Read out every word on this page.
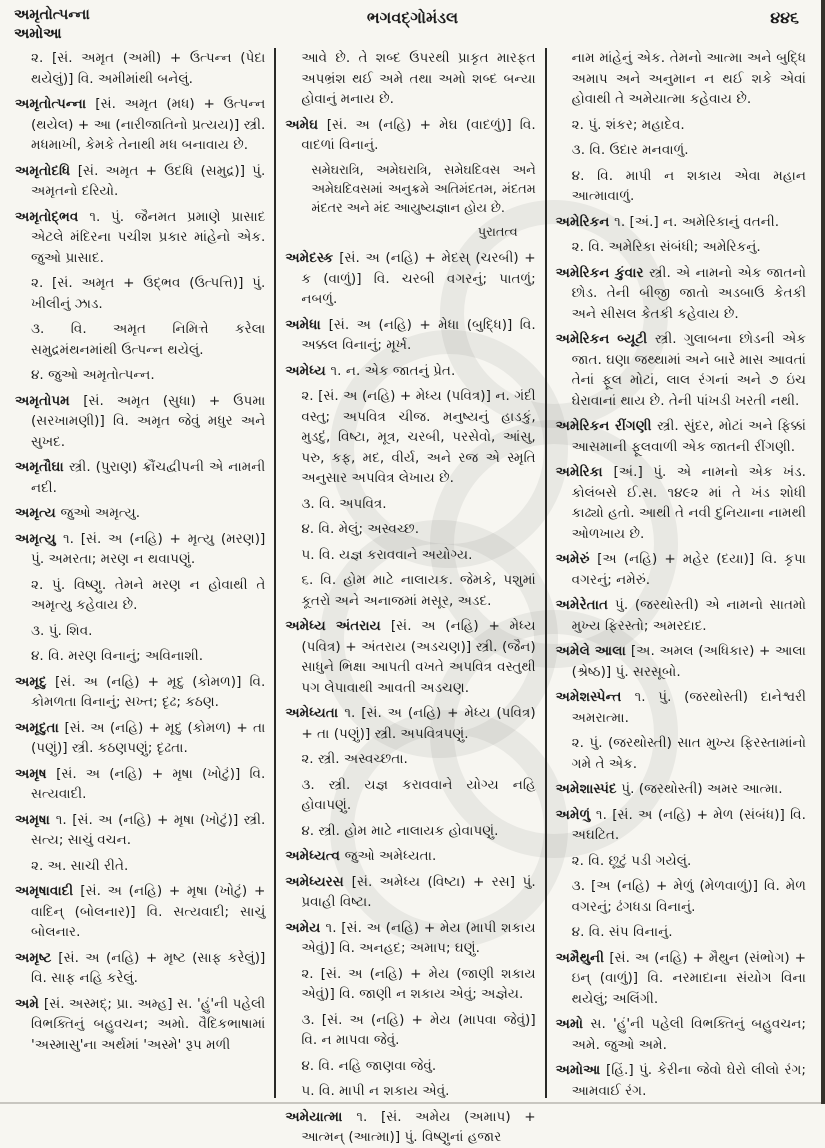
અમૃતોત્પન્ના
અમોઆ
ભગવદ્ગોમંડલ	૪૪૬

૨. [સં. અમૃત (અમી) + ઉત્પન્ન (પેદા થયેલું)] વિ. અમીમાંથી બનેલું.

અમૃતોત્પન્ના [સં. અમૃત (મધ) + ઉત્પન્ન (થયેલ) + આ (નારીજાતિનો પ્રત્યય)] સ્ત્રી. મધમાખી, કેમકે તેનાથી મધ બનાવાય છે.

અમૃતોદધિ [સં. અમૃત + ઉદધિ (સમુદ્ર)] પું. અમૃતનો દરિયો.

અમૃતોદ્ભવ ૧. પું. જૈનમત પ્રમાણે પ્રાસાદ એટલે મંદિરના પચીશ પ્રકાર માંહેનો એક. જુઓ પ્રાસાદ.

૨. [સં. અમૃત + ઉદ્ભવ (ઉત્પત્તિ)] પું. ખીલીનું ઝાડ.

૩. વિ. અમૃત નિમિત્તે કરેલા સમુદ્રમંથનમાંથી ઉત્પન્ન થયેલું.

૪. જુઓ અમૃતોત્પન્ન.

અમૃતોપમ [સં. અમૃત (સુધા) + ઉપમા (સરખામણી)] વિ. અમૃત જેવું મધુર અને સુખદ.

અમૃતૌઘા સ્ત્રી. (પુરાણ) ક્રૌંચદ્વીપની એ નામની નદી.

અમૃત્ય જુઓ અમૃત્યુ.

અમૃત્યુ ૧. [સં. અ (નહિ) + મૃત્યુ (મરણ)] પું. અમરતા; મરણ ન થવાપણું.

૨. પું. વિષ્ણુ. તેમને મરણ ન હોવાથી તે અમૃત્યુ કહેવાય છે.

૩. પું. શિવ.

૪. વિ. મરણ વિનાનું; અવિનાશી.

અમૃદુ [સં. અ (નહિ) + મૃદુ (કોમળ)] વિ. કોમળતા વિનાનું; સખ્ત; દૃઢ; કઠણ.

અમૃદુતા [સં. અ (નહિ) + મૃદુ (કોમળ) + તા (પણું)] સ્ત્રી. કઠણપણું; દૃઢતા.

અમૃષ [સં. અ (નહિ) + મૃષા (ખોટું)] વિ. સત્યવાદી.

અમૃષા ૧. [સં. અ (નહિ) + મૃષા (ખોટું)] સ્ત્રી. સત્ય; સાચું વચન.

૨. અ. સાચી રીતે.

અમૃષાવાદી [સં. અ (નહિ) + મૃષા (ખોટું) + વાદિન્ (બોલનાર)] વિ. સત્યવાદી; સાચું બોલનાર.

અમૃષ્ટ [સં. અ (નહિ) + મૃષ્ટ (સાફ કરેલું)] વિ. સાફ નહિ કરેલું.

અમે [સં. અસ્મદ્; પ્રા. અમ્હ] સ. 'હું'ની પહેલી વિભક્તિનું બહુવચન; અમો. વૈદિકભાષામાં 'અસ્માસુ'ના અર્થમાં 'અસ્મે' રૂપ મળી

આવે છે. તે શબ્દ ઉપરથી પ્રાકૃત મારફત અપભ્રંશ થઈ અમે તથા અમો શબ્દ બન્યા હોવાનું મનાય છે.

અમેઘ [સં. અ (નહિ) + મેઘ (વાદળું)] વિ. વાદળાં વિનાનું.

સમેઘરાત્રિ, અમેઘરાત્રિ, સમેઘદિવસ અને અમેઘદિવસમાં અનુક્રમે અતિમંદતમ, મંદતમ મંદતર અને મંદ આયુષ્યજ્ઞાન હોય છે.

પુરાતત્વ

અમેદસ્ક [સં. અ (નહિ) + મેદસ્ (ચરબી) + ક (વાળું)] વિ. ચરબી વગરનું; પાતળું; નબળું.

અમેધા [સં. અ (નહિ) + મેધા (બુદ્ધિ)] વિ. અક્કલ વિનાનું; મૂર્ખ.

અમેધ્ય ૧. ન. એક જાતનું પ્રેત.

૨. [સં. અ (નહિ) + મેધ્ય (પવિત્ર)] ન. ગંદી વસ્તુ; અપવિત્ર ચીજ. મનુષ્યનું હાડકું, મુડદું, વિષ્ટા, મૂત્ર, ચરબી, પરસેવો, આંસુ, પરુ, કફ, મદ, વીર્ય, અને રજ એ સ્મૃતિ અનુસાર અપવિત્ર લેખાય છે.

૩. વિ. અપવિત્ર.

૪. વિ. મેલું; અસ્વચ્છ.

૫. વિ. યજ્ઞ કરાવવાને અયોગ્ય.

૬. વિ. હોમ માટે નાલાયક. જેમકે, પશુમાં કૂતરો અને અનાજમાં મસૂર, અડદ.

અમેધ્ય અંતરાય [સં. અ (નહિ) + મેધ્ય (પવિત્ર) + અંતરાય (અડચણ)] સ્ત્રી. (જૈન) સાધુને ભિક્ષા આપતી વખતે અપવિત્ર વસ્તુથી પગ લેપાવાથી આવતી અડચણ.

અમેધ્યતા ૧. [સં. અ (નહિ) + મેધ્ય (પવિત્ર) + તા (પણું)] સ્ત્રી. અપવિત્રપણું.

૨. સ્ત્રી. અસ્વચ્છતા.

૩. સ્ત્રી. યજ્ઞ કરાવવાને યોગ્ય નહિ હોવાપણું.

૪. સ્ત્રી. હોમ માટે નાલાયક હોવાપણું.

અમેધ્યત્વ જુઓ અમેધ્યતા.

અમેધ્યરસ [સં. અમેધ્ય (વિષ્ટા) + રસ] પું. પ્રવાહી વિષ્ટા.

અમેય ૧. [સં. અ (નહિ) + મેય (માપી શકાય એવું)] વિ. અનહદ; અમાપ; ઘણું.

૨. [સં. અ (નહિ) + મેય (જાણી શકાય એવું)] વિ. જાણી ન શકાય એવું; અજ્ઞેય.

૩. [સં. અ (નહિ) + મેય (માપવા જેવું)] વિ. ન માપવા જેવું.

૪. વિ. નહિ જાણવા જેવું.

૫. વિ. માપી ન શકાય એવું.

અમેયાત્મા ૧. [સં. અમેય (અમાપ) + આત્મન્ (આત્મા)] પું. વિષ્ણુનાં હજાર

નામ માંહેનું એક. તેમનો આત્મા અને બુદ્ધિ અમાપ અને અનુમાન ન થઈ શકે એવાં હોવાથી તે અમેયાત્મા કહેવાય છે.

૨. પું. શંકર; મહાદેવ.

૩. વિ. ઉદાર મનવાળું.

૪. વિ. માપી ન શકાય એવા મહાન આત્માવાળું.

અમેરિકન ૧. [અં.] ન. અમેરિકાનું વતની.

૨. વિ. અમેરિકા સંબંધી; અમેરિકનું.

અમેરિકન કુંવાર સ્ત્રી. એ નામનો એક જાતનો છોડ. તેની બીજી જાતો અડબાઉ કેતકી અને સીસલ કેતકી કહેવાય છે.

અમેરિકન બ્યૂટી સ્ત્રી. ગુલાબના છોડની એક જાત. ઘણા જથ્થામાં અને બારે માસ આવતાં તેનાં ફૂલ મોટાં, લાલ રંગનાં અને ૭ ઇંચ ઘેરાવાનાં થાય છે. તેની પાંખડી ખરતી નથી.

અમેરિકન રીંગણી સ્ત્રી. સુંદર, મોટાં અને ફિક્કાં આસમાની ફૂલવાળી એક જાતની રીંગણી.

અમેરિકા [અં.] પું. એ નામનો એક ખંડ. કોલંબસે ઈ.સ. ૧૪૯૨ માં તે ખંડ શોધી કાઢ્યો હતો. આથી તે નવી દુનિયાના નામથી ઓળખાય છે.

અમેરું [અ (નહિ) + મહેર (દયા)] વિ. કૃપા વગરનું; નમેરું.

અમેરેતાત પું. (જરથોસ્તી) એ નામનો સાતમો મુખ્ય ફિરસ્તો; અમરદાદ.

અમેલે આલા [અ. અમલ (અધિકાર) + આલા (શ્રેષ્ઠ)] પું. સરસૂબો.

અમેશસ્પેન્ત ૧. પું. (જરથોસ્તી) દાનેશ્વરી અમરાત્મા.

૨. પું. (જરથોસ્તી) સાત મુખ્ય ફિરસ્તામાંનો ગમે તે એક.

અમેશાસ્પંદ પું. (જરથોસ્તી) અમર આત્મા.

અમેળું ૧. [સં. અ (નહિ) + મેળ (સંબંધ)] વિ. અઘટિત.

૨. વિ. છૂટું પડી ગયેલું.

૩. [અ (નહિ) + મેળું (મેળવાળું)] વિ. મેળ વગરનું; ઢંગધડા વિનાનું.

૪. વિ. સંપ વિનાનું.

અમૈથુની [સં. અ (નહિ) + મૈથુન (સંભોગ) + ઇન્ (વાળું)] વિ. નરમાદાના સંયોગ વિના થયેલું; અલિંગી.

અમો સ. 'હું'ની પહેલી વિભક્તિનું બહુવચન; અમે. જુઓ અમે.

અમોઆ [હિં.] પું. કેરીના જેવો ઘેરો લીલો રંગ; આમવાઈ રંગ.
